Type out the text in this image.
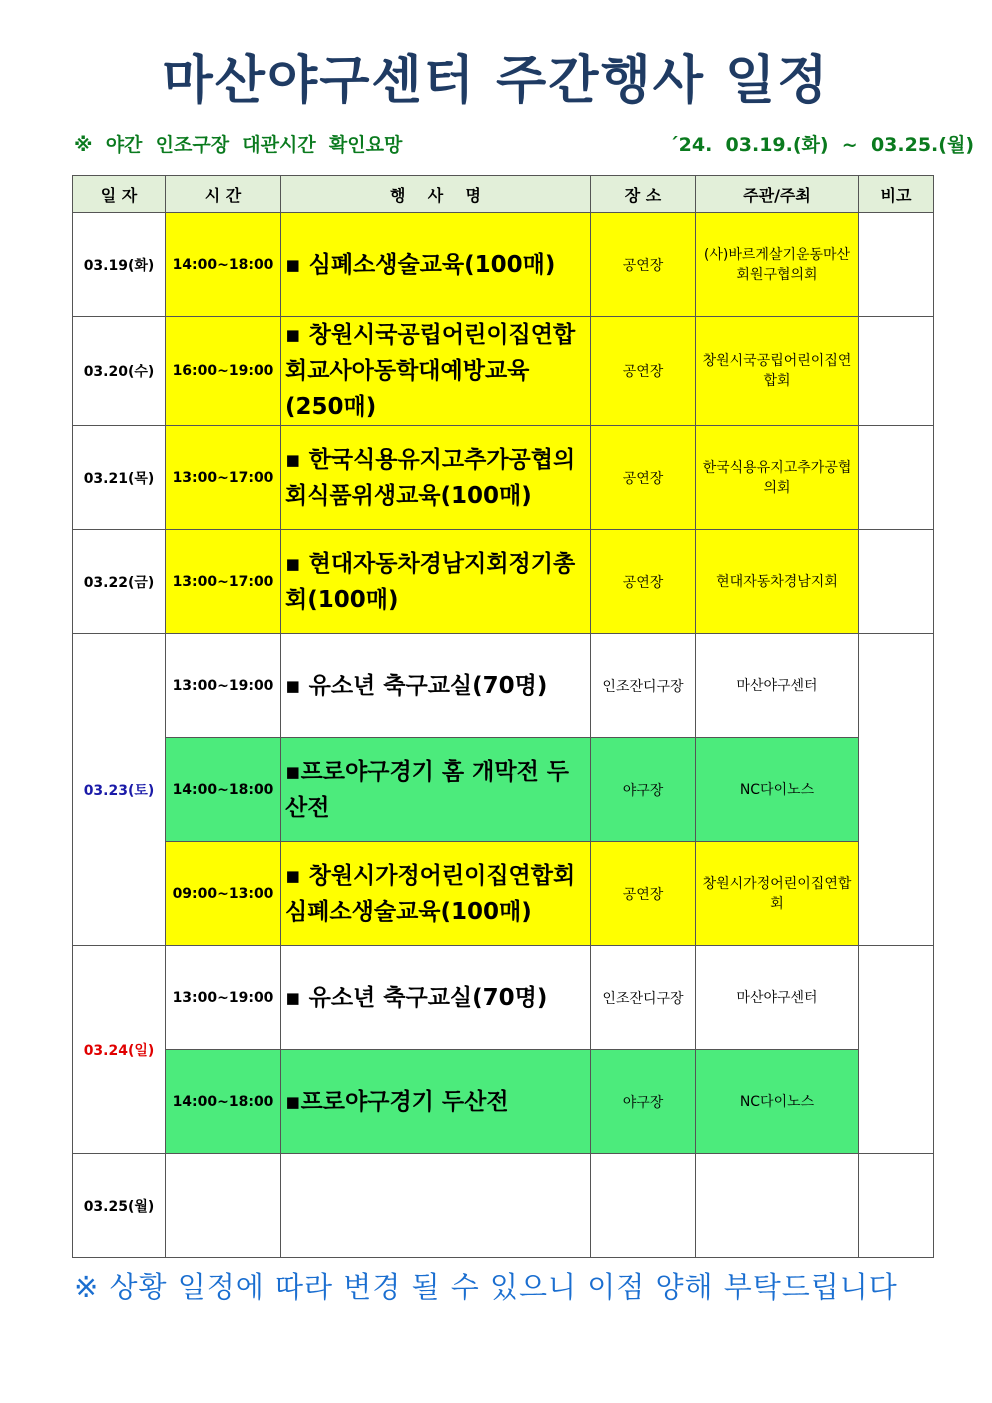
마산야구센터 주간행사 일정
※  야간  인조구장  대관시간  확인요망	´24.  03.19.(화)  ~  03.25.(월)
일 자	시 간	행    사    명	장 소	주관/주최	비고
03.19(화)	14:00~18:00	▪ 심폐소생술교육(100매)	공연장	(사)바르게살기운동마산회원구협의회	
03.20(수)	16:00~19:00	▪ 창원시국공립어린이집연합회교사아동학대예방교육(250매)	공연장	창원시국공립어린이집연합회	
03.21(목)	13:00~17:00	▪ 한국식용유지고추가공협의회식품위생교육(100매)	공연장	한국식용유지고추가공협의회	
03.22(금)	13:00~17:00	▪ 현대자동차경남지회정기총회(100매)	공연장	현대자동차경남지회	
03.23(토)	13:00~19:00	▪ 유소년 축구교실(70명)	인조잔디구장	마산야구센터	
	14:00~18:00	▪프로야구경기 홈 개막전 두산전	야구장	NC다이노스	
	09:00~13:00	▪ 창원시가정어린이집연합회심폐소생술교육(100매)	공연장	창원시가정어린이집연합회	
03.24(일)	13:00~19:00	▪ 유소년 축구교실(70명)	인조잔디구장	마산야구센터	
	14:00~18:00	▪프로야구경기 두산전	야구장	NC다이노스	
03.25(월)					
※ 상황 일정에 따라 변경 될 수 있으니 이점 양해 부탁드립니다
